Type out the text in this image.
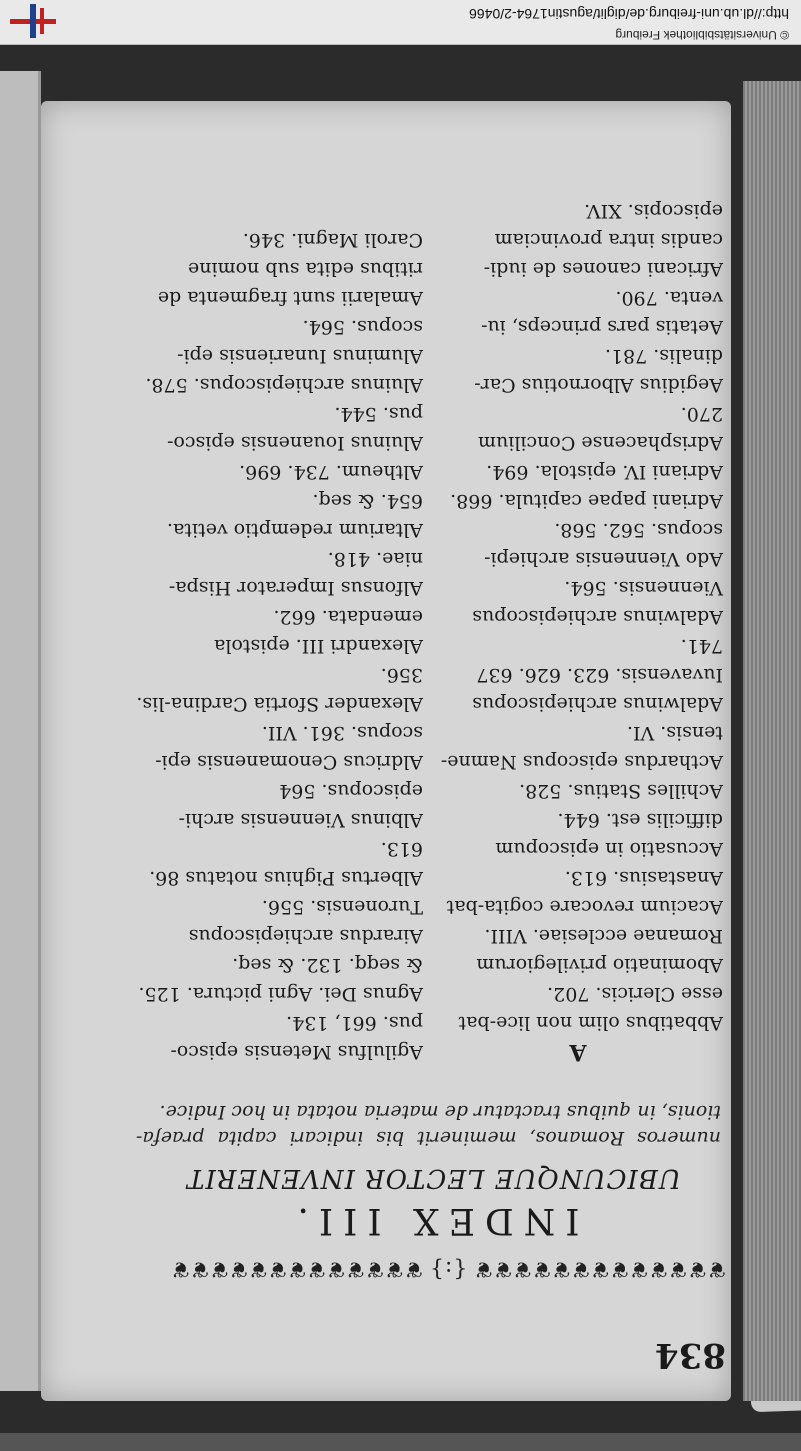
© Universitätsbibliothek Freiburg
http://dl.ub.uni-freiburg.de/diglit/agustin1764-2/0466
834
❦❦❦❦❦❦❦❦❦❦❦❦❦{:}❦❦❦❦❦❦❦❦❦❦❦❦❦
INDEX III.
UBICUNQUE LECTOR INVENERIT
numeros Romanos, meminerit bis indicari capita praefa-tionis, in quibus tractatur de materia notata in hoc Indice.
A

Abbatibus olim non lice-bat esse Clericis. 702.

Abominatio privilegiorum Romanae ecclesiae. VIII.

Acacium revocare cogita-bat Anastasius. 613.

Accusatio in episcopum difficilis est. 644.

Achilles Statius. 528.

Acthardus episcopus Namne-tensis. VI.

Adalwinus archiepiscopus Iuvavensis. 623. 626. 637 741.

Adalwinus archiepiscopus Viennensis. 564.

Ado Viennensis archiepi-scopus. 562. 568.

Adriani papae capitula. 668.

Adriani IV. epistola. 694.

Adrisphacense Concilium 270.

Aegidius Albornotius Car-dinalis. 781.

Aetatis pars princeps, iu-venta. 790.

Africani canones de iudi-candis intra provinciam episcopis. XIV.

Agilulfus Metensis episco-pus. 661, 134.

Agnus Dei. Agni pictura. 125. & seqq. 132. & seq.

Airardus archiepiscopus Turonensis. 556.

Albertus Pighius notatus 86. 613.

Albinus Viennensis archi-episcopus. 564

Aldricus Cenomanensis epi-scopus. 361. VII.

Alexander Sfortia Cardina-lis. 356.

Alexandri III. epistola emendata. 662.

Alfonsus Imperator Hispa-niae. 418.

Altarium redemptio vetita. 654. & seq.

Altheum. 734. 696.

Aluinus Iouanensis episco-pus. 544.

Aluinus archiepiscopus. 578.

Aluminus Iunariensis epi-scopus. 564.

Amalarii sunt fragmenta de ritibus edita sub nomine Caroli Magni. 346.
